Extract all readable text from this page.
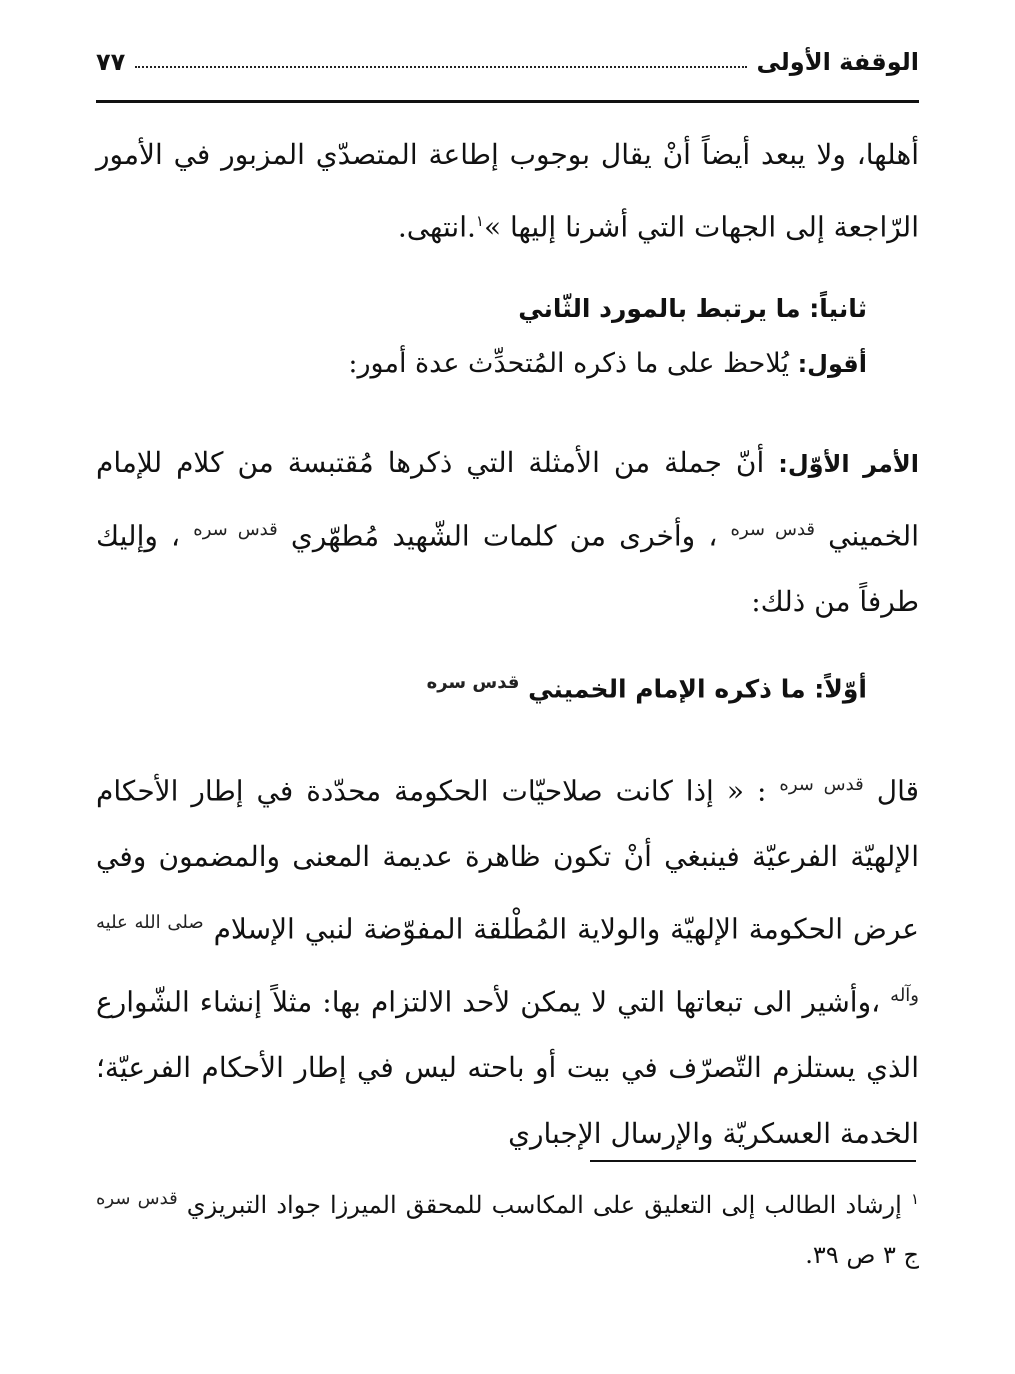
الوقفة الأولى
٧٧
أهلها، ولا يبعد أيضاً أنْ يقال بوجوب إطاعة المتصدّي المزبور في الأمور الرّاجعة إلى الجهات التي أشرنا إليها »$^١$.انتهى.
ثانياً: ما يرتبط بالمورد الثّاني
أقول: يُلاحظ على ما ذكره المُتحدِّث عدة أمور:
الأمر الأوّل: أنّ جملة من الأمثلة التي ذكرها مُقتبسة من كلام للإمام الخميني $^{قدس سره}$ ، وأخرى من كلمات الشّهيد مُطهّري $^{قدس سره}$ ، وإليك طرفاً من ذلك:
أوّلاً: ما ذكره الإمام الخميني $^{قدس سره}$
قال $^{قدس سره}$ : « إذا كانت صلاحيّات الحكومة محدّدة في إطار الأحكام الإلهيّة الفرعيّة فينبغي أنْ تكون ظاهرة عديمة المعنى والمضمون وفي عرض الحكومة الإلهيّة والولاية المُطْلقة المفوّضة لنبي الإسلام $^{صلى الله عليه وآله}$ ،وأشير الى تبعاتها التي لا يمكن لأحد الالتزام بها: مثلاً إنشاء الشّوارع الذي يستلزم التّصرّف في بيت أو باحته ليس في إطار الأحكام الفرعيّة؛ الخدمة العسكريّة والإرسال الإجباري
$^١$ إرشاد الطالب إلى التعليق على المكاسب للمحقق الميرزا جواد التبريزي $^{قدس سره}$ ج ٣ ص ٣٩.
